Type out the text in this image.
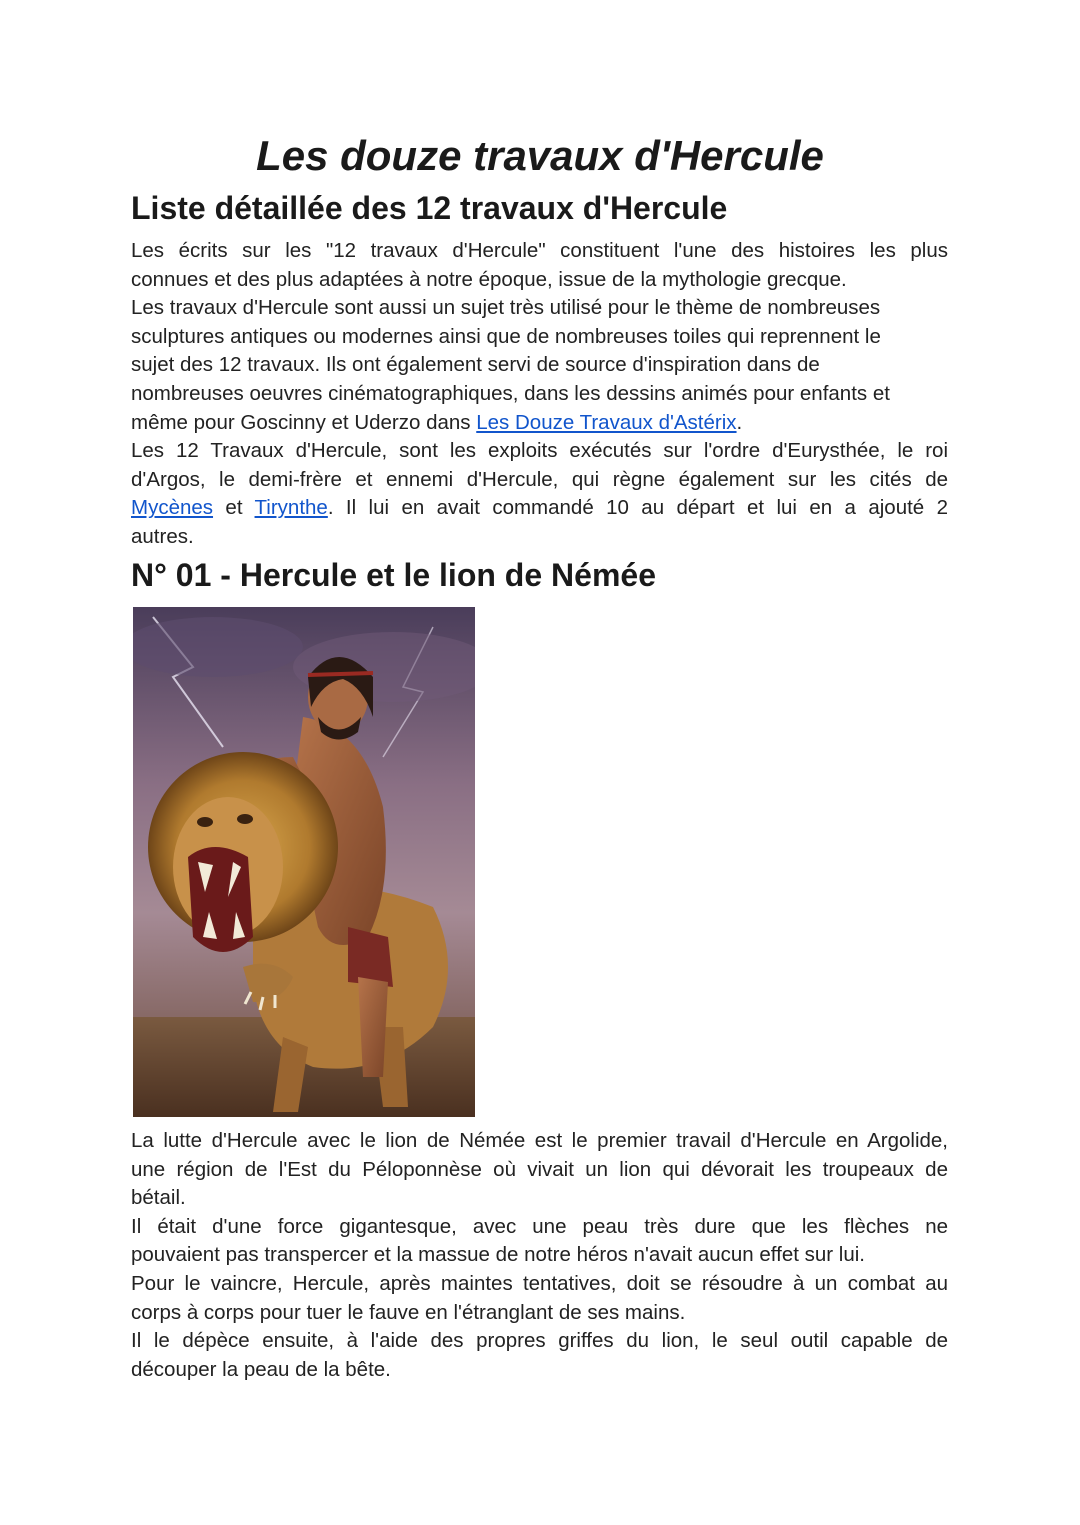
Les douze travaux d'Hercule
Liste détaillée des 12 travaux d'Hercule
Les écrits sur les "12 travaux d'Hercule" constituent l'une des histoires les plus
connues et des plus adaptées à notre époque, issue de la mythologie grecque.
Les travaux d'Hercule sont aussi un sujet très utilisé pour le thème de nombreuses
sculptures antiques ou modernes ainsi que de nombreuses toiles qui reprennent le
sujet des 12 travaux. Ils ont également servi de source d'inspiration dans de
nombreuses oeuvres cinématographiques, dans les dessins animés pour enfants et
même pour Goscinny et Uderzo dans Les Douze Travaux d'Astérix.
Les 12 Travaux d'Hercule, sont les exploits exécutés sur l'ordre d'Eurysthée, le roi
d'Argos, le demi-frère et ennemi d'Hercule, qui règne également sur les cités de
Mycènes et Tirynthe. Il lui en avait commandé 10 au départ et lui en a ajouté 2
autres.
N° 01 - Hercule et le lion de Némée
La lutte d'Hercule avec le lion de Némée est le premier travail d'Hercule en Argolide,
une région de l'Est du Péloponnèse où vivait un lion qui dévorait les troupeaux de
bétail.
Il était d'une force gigantesque, avec une peau très dure que les flèches ne
pouvaient pas transpercer et la massue de notre héros n'avait aucun effet sur lui.
Pour le vaincre, Hercule, après maintes tentatives, doit se résoudre à un combat au
corps à corps pour tuer le fauve en l'étranglant de ses mains.
Il le dépèce ensuite, à l'aide des propres griffes du lion, le seul outil capable de
découper la peau de la bête.
